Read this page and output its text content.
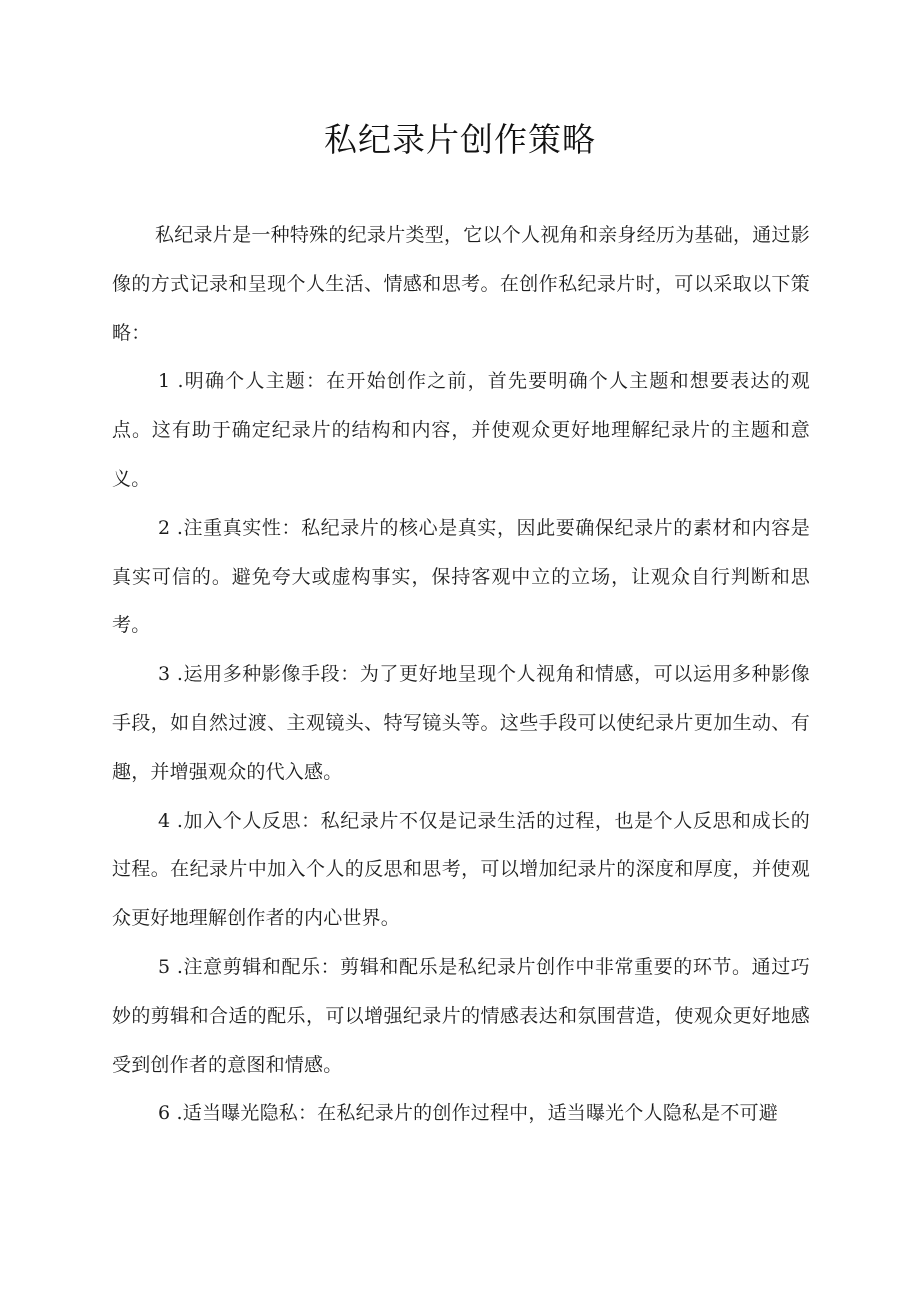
私纪录片创作策略

私纪录片是一种特殊的纪录片类型，它以个人视角和亲身经历为基础，通过影像的方式记录和呈现个人生活、情感和思考。在创作私纪录片时，可以采取以下策略：

1 .明确个人主题：在开始创作之前，首先要明确个人主题和想要表达的观点。这有助于确定纪录片的结构和内容，并使观众更好地理解纪录片的主题和意义。

2 .注重真实性：私纪录片的核心是真实，因此要确保纪录片的素材和内容是真实可信的。避免夸大或虚构事实，保持客观中立的立场，让观众自行判断和思考。

3 .运用多种影像手段：为了更好地呈现个人视角和情感，可以运用多种影像手段，如自然过渡、主观镜头、特写镜头等。这些手段可以使纪录片更加生动、有趣，并增强观众的代入感。

4 .加入个人反思：私纪录片不仅是记录生活的过程，也是个人反思和成长的过程。在纪录片中加入个人的反思和思考，可以增加纪录片的深度和厚度，并使观众更好地理解创作者的内心世界。

5 .注意剪辑和配乐：剪辑和配乐是私纪录片创作中非常重要的环节。通过巧妙的剪辑和合适的配乐，可以增强纪录片的情感表达和氛围营造，使观众更好地感受到创作者的意图和情感。

6 .适当曝光隐私：在私纪录片的创作过程中，适当曝光个人隐私是不可避
